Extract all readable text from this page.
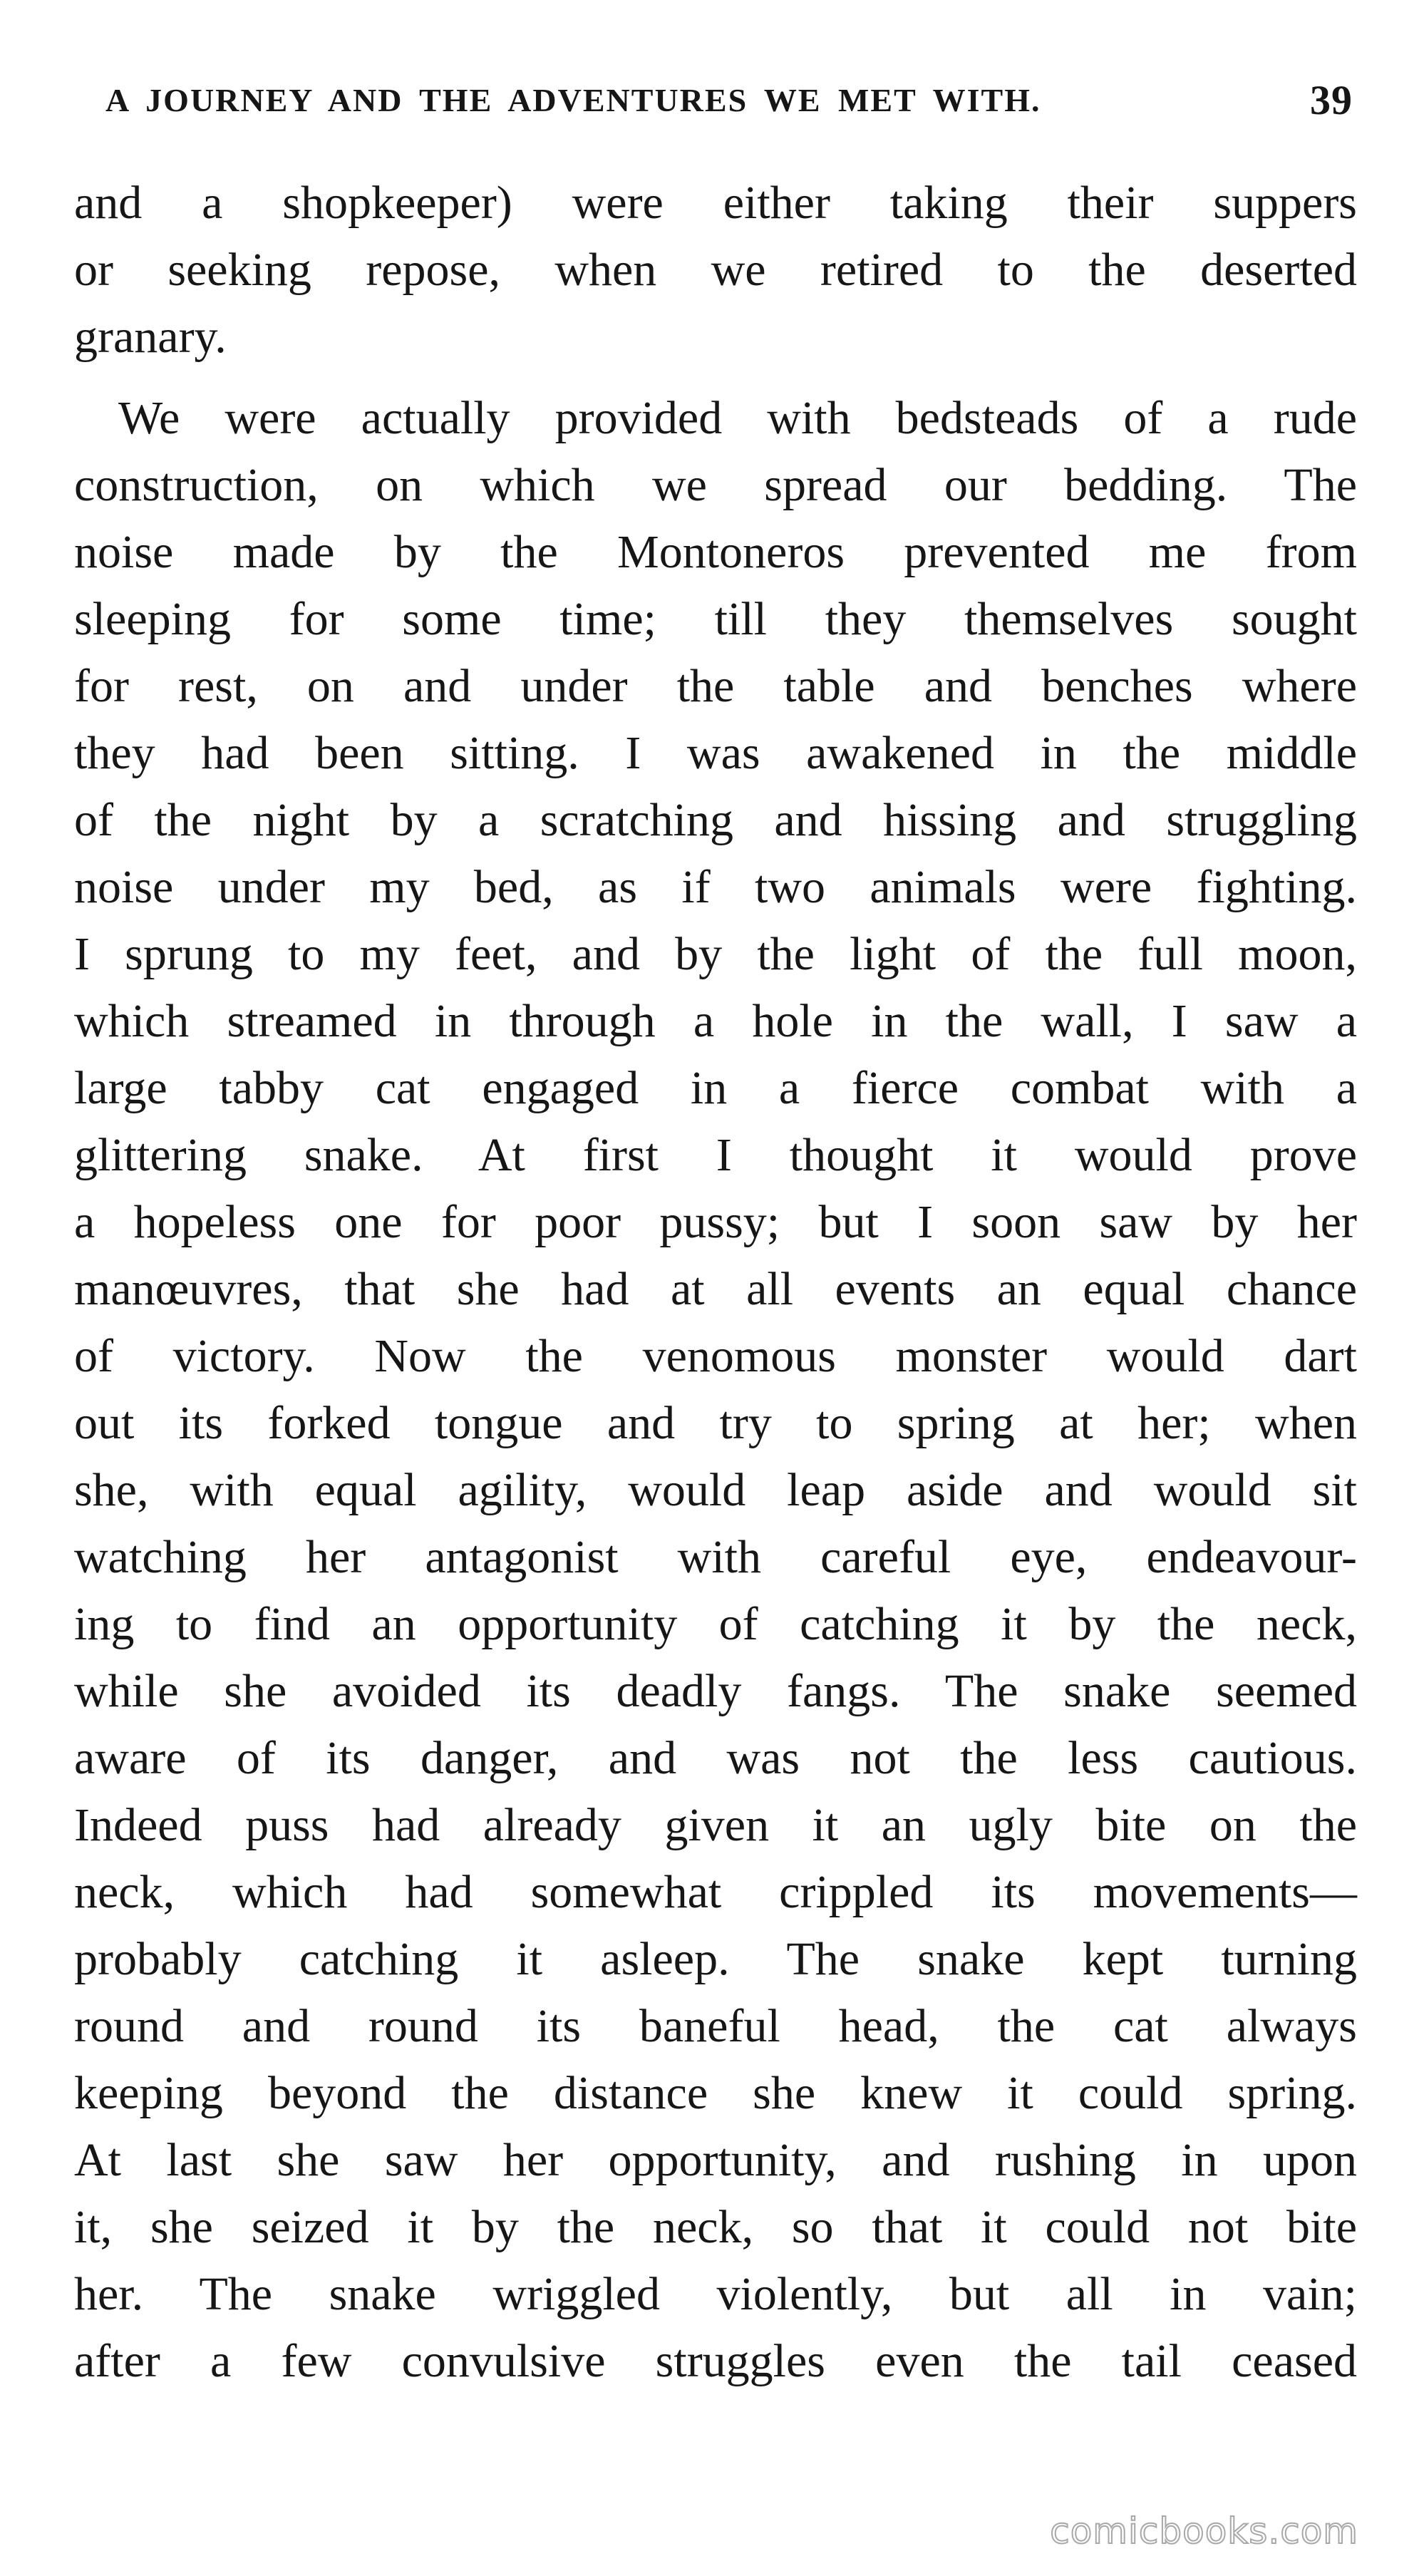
A JOURNEY AND THE ADVENTURES WE MET WITH.	39
and a shopkeeper) were either taking their suppers
or seeking repose, when we retired to the deserted
granary.
We were actually provided with bedsteads of a rude
construction, on which we spread our bedding. The
noise made by the Montoneros prevented me from
sleeping for some time; till they themselves sought
for rest, on and under the table and benches where
they had been sitting. I was awakened in the middle
of the night by a scratching and hissing and struggling
noise under my bed, as if two animals were fighting.
I sprung to my feet, and by the light of the full moon,
which streamed in through a hole in the wall, I saw a
large tabby cat engaged in a fierce combat with a
glittering snake. At first I thought it would prove
a hopeless one for poor pussy; but I soon saw by her
manœuvres, that she had at all events an equal chance
of victory. Now the venomous monster would dart
out its forked tongue and try to spring at her; when
she, with equal agility, would leap aside and would sit
watching her antagonist with careful eye, endeavour-
ing to find an opportunity of catching it by the neck,
while she avoided its deadly fangs. The snake seemed
aware of its danger, and was not the less cautious.
Indeed puss had already given it an ugly bite on the
neck, which had somewhat crippled its movements—
probably catching it asleep. The snake kept turning
round and round its baneful head, the cat always
keeping beyond the distance she knew it could spring.
At last she saw her opportunity, and rushing in upon
it, she seized it by the neck, so that it could not bite
her. The snake wriggled violently, but all in vain;
after a few convulsive struggles even the tail ceased
comicbooks.com
